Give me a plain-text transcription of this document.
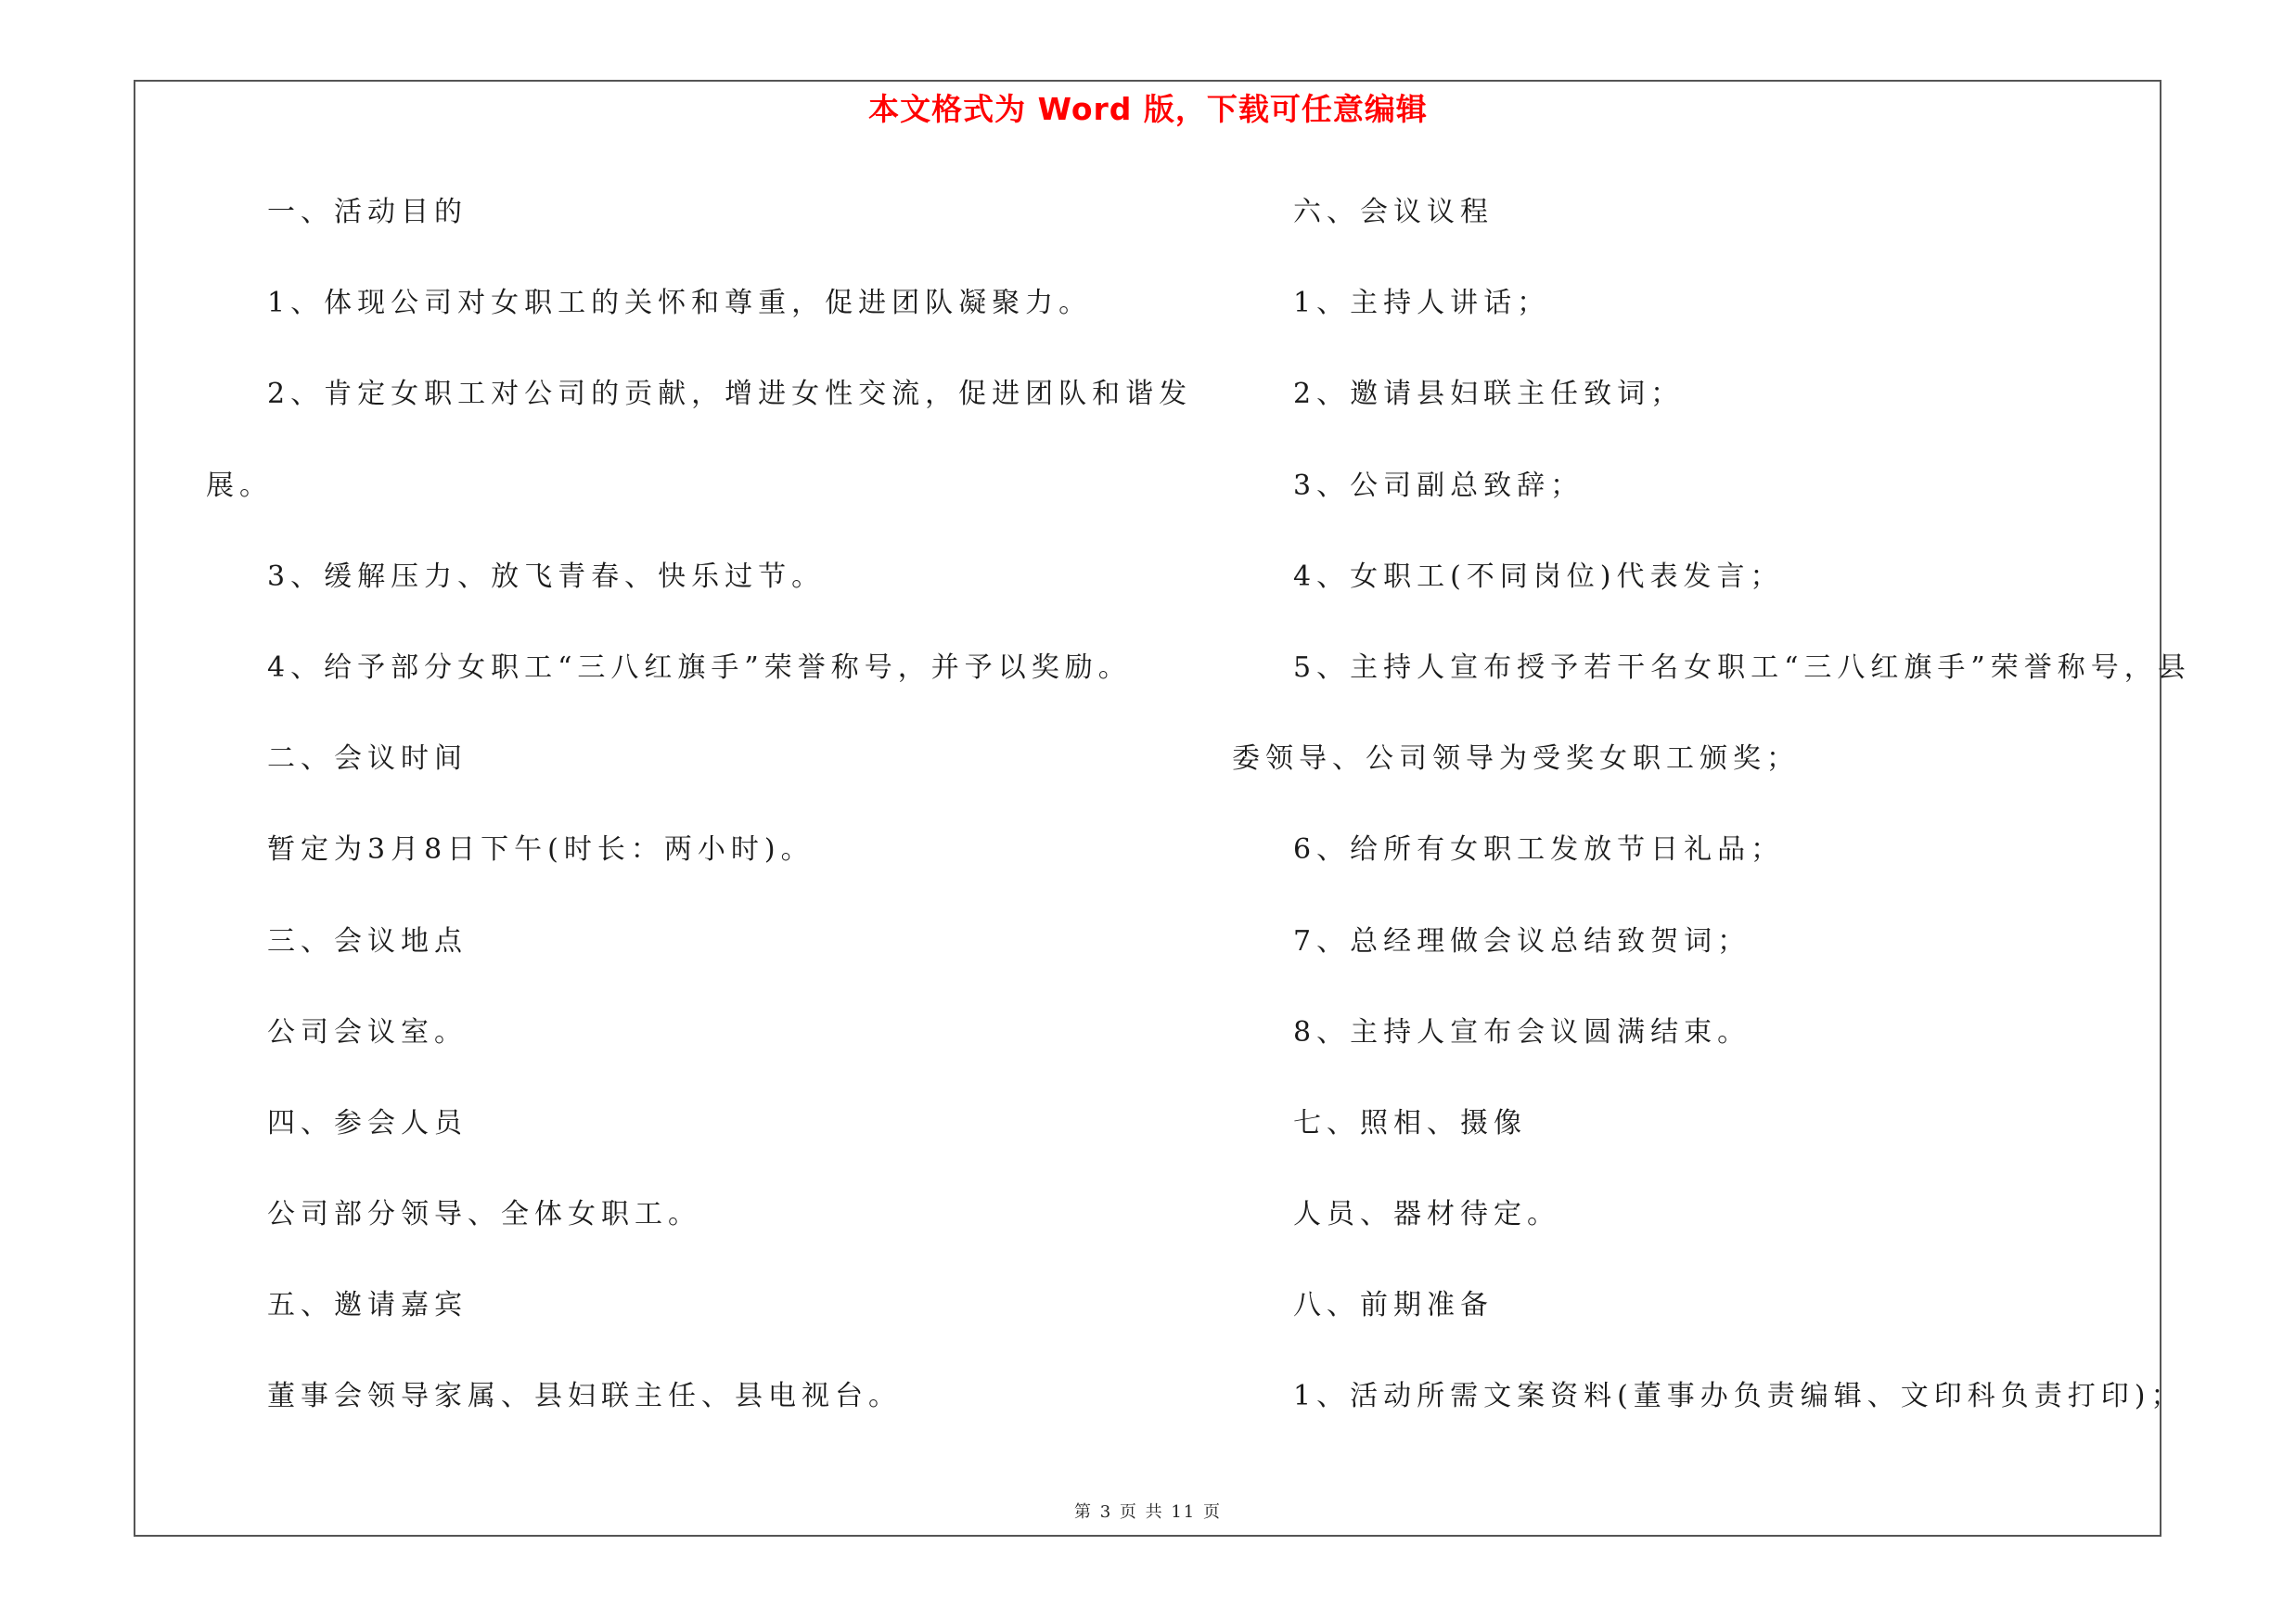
本文格式为 Word 版，下载可任意编辑
一、活动目的
1、体现公司对女职工的关怀和尊重，促进团队凝聚力。
2、肯定女职工对公司的贡献，增进女性交流，促进团队和谐发
展。
3、缓解压力、放飞青春、快乐过节。
4、给予部分女职工“三八红旗手”荣誉称号，并予以奖励。
二、会议时间
暂定为3月8日下午(时长：两小时)。
三、会议地点
公司会议室。
四、参会人员
公司部分领导、全体女职工。
五、邀请嘉宾
董事会领导家属、县妇联主任、县电视台。
六、会议议程
1、主持人讲话；
2、邀请县妇联主任致词；
3、公司副总致辞；
4、女职工(不同岗位)代表发言；
5、主持人宣布授予若干名女职工“三八红旗手”荣誉称号，县
委领导、公司领导为受奖女职工颁奖；
6、给所有女职工发放节日礼品；
7、总经理做会议总结致贺词；
8、主持人宣布会议圆满结束。
七、照相、摄像
人员、器材待定。
八、前期准备
1、活动所需文案资料(董事办负责编辑、文印科负责打印)；
第 3 页 共 11 页
